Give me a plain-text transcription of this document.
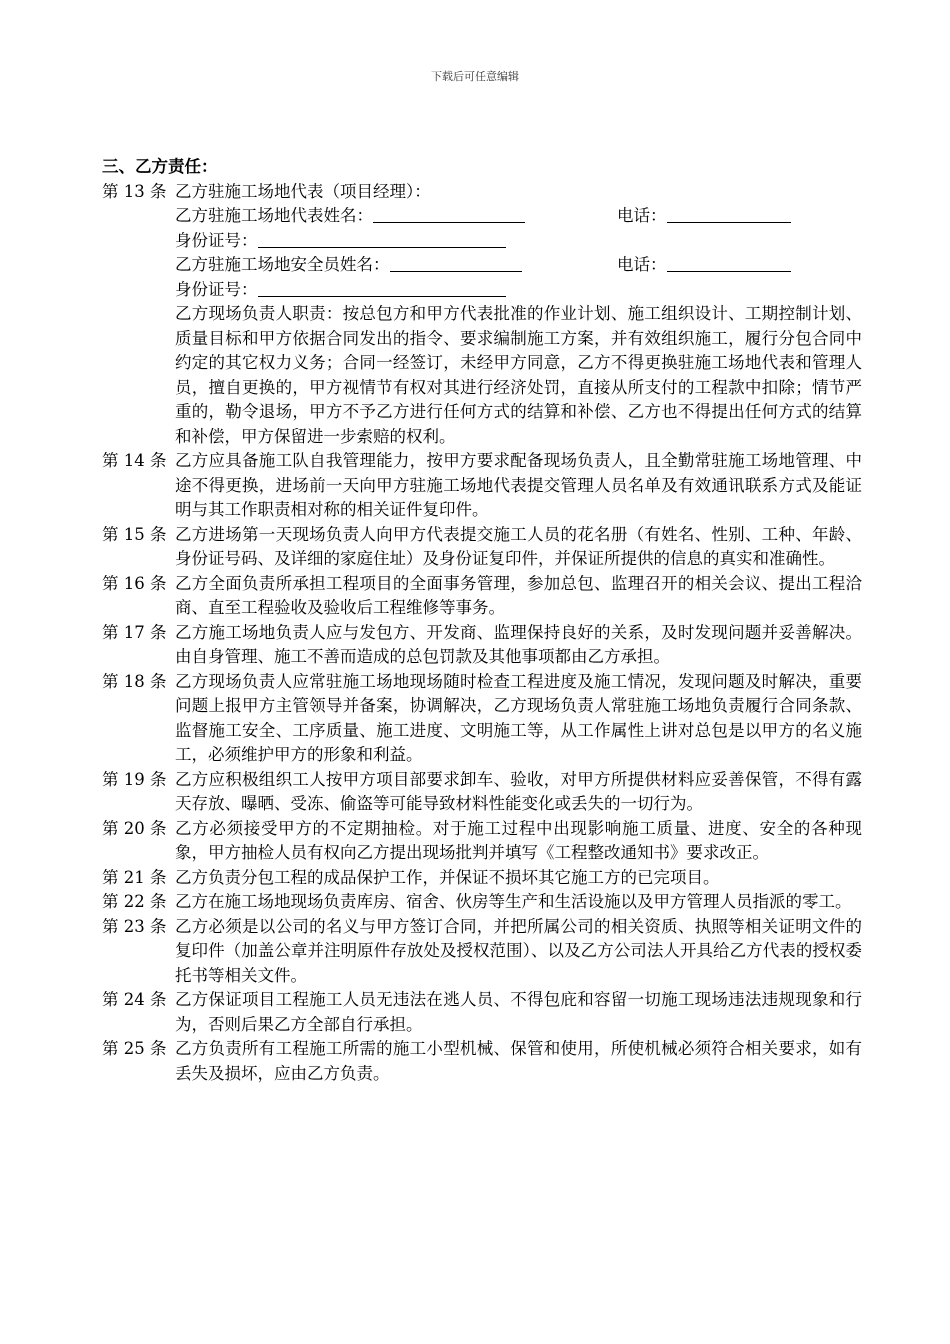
下载后可任意编辑
三、乙方责任：
第 13 条 乙方驻施工场地代表（项目经理）：
乙方驻施工场地代表姓名：	电话：
身份证号：
乙方驻施工场地安全员姓名：	电话：
身份证号：
乙方现场负责人职责：按总包方和甲方代表批准的作业计划、施工组织设计、工期控制计划、质量目标和甲方依据合同发出的指令、要求编制施工方案，并有效组织施工，履行分包合同中约定的其它权力义务；合同一经签订，未经甲方同意，乙方不得更换驻施工场地代表和管理人员，擅自更换的，甲方视情节有权对其进行经济处罚，直接从所支付的工程款中扣除；情节严重的，勒令退场，甲方不予乙方进行任何方式的结算和补偿、乙方也不得提出任何方式的结算和补偿，甲方保留进一步索赔的权利。
第 14 条 乙方应具备施工队自我管理能力，按甲方要求配备现场负责人，且全勤常驻施工场地管理、中途不得更换，进场前一天向甲方驻施工场地代表提交管理人员名单及有效通讯联系方式及能证明与其工作职责相对称的相关证件复印件。
第 15 条 乙方进场第一天现场负责人向甲方代表提交施工人员的花名册（有姓名、性别、工种、年龄、身份证号码、及详细的家庭住址）及身份证复印件，并保证所提供的信息的真实和准确性。
第 16 条 乙方全面负责所承担工程项目的全面事务管理，参加总包、监理召开的相关会议、提出工程洽商、直至工程验收及验收后工程维修等事务。
第 17 条 乙方施工场地负责人应与发包方、开发商、监理保持良好的关系，及时发现问题并妥善解决。由自身管理、施工不善而造成的总包罚款及其他事项都由乙方承担。
第 18 条 乙方现场负责人应常驻施工场地现场随时检查工程进度及施工情况，发现问题及时解决，重要问题上报甲方主管领导并备案，协调解决，乙方现场负责人常驻施工场地负责履行合同条款、监督施工安全、工序质量、施工进度、文明施工等，从工作属性上讲对总包是以甲方的名义施工，必须维护甲方的形象和利益。
第 19 条 乙方应积极组织工人按甲方项目部要求卸车、验收，对甲方所提供材料应妥善保管，不得有露天存放、曝晒、受冻、偷盗等可能导致材料性能变化或丢失的一切行为。
第 20 条 乙方必须接受甲方的不定期抽检。对于施工过程中出现影响施工质量、进度、安全的各种现象，甲方抽检人员有权向乙方提出现场批判并填写《工程整改通知书》要求改正。
第 21 条 乙方负责分包工程的成品保护工作，并保证不损坏其它施工方的已完项目。
第 22 条 乙方在施工场地现场负责库房、宿舍、伙房等生产和生活设施以及甲方管理人员指派的零工。
第 23 条 乙方必须是以公司的名义与甲方签订合同，并把所属公司的相关资质、执照等相关证明文件的复印件（加盖公章并注明原件存放处及授权范围）、以及乙方公司法人开具给乙方代表的授权委托书等相关文件。
第 24 条 乙方保证项目工程施工人员无违法在逃人员、不得包庇和容留一切施工现场违法违规现象和行为，否则后果乙方全部自行承担。
第 25 条 乙方负责所有工程施工所需的施工小型机械、保管和使用，所使机械必须符合相关要求，如有丢失及损坏，应由乙方负责。
